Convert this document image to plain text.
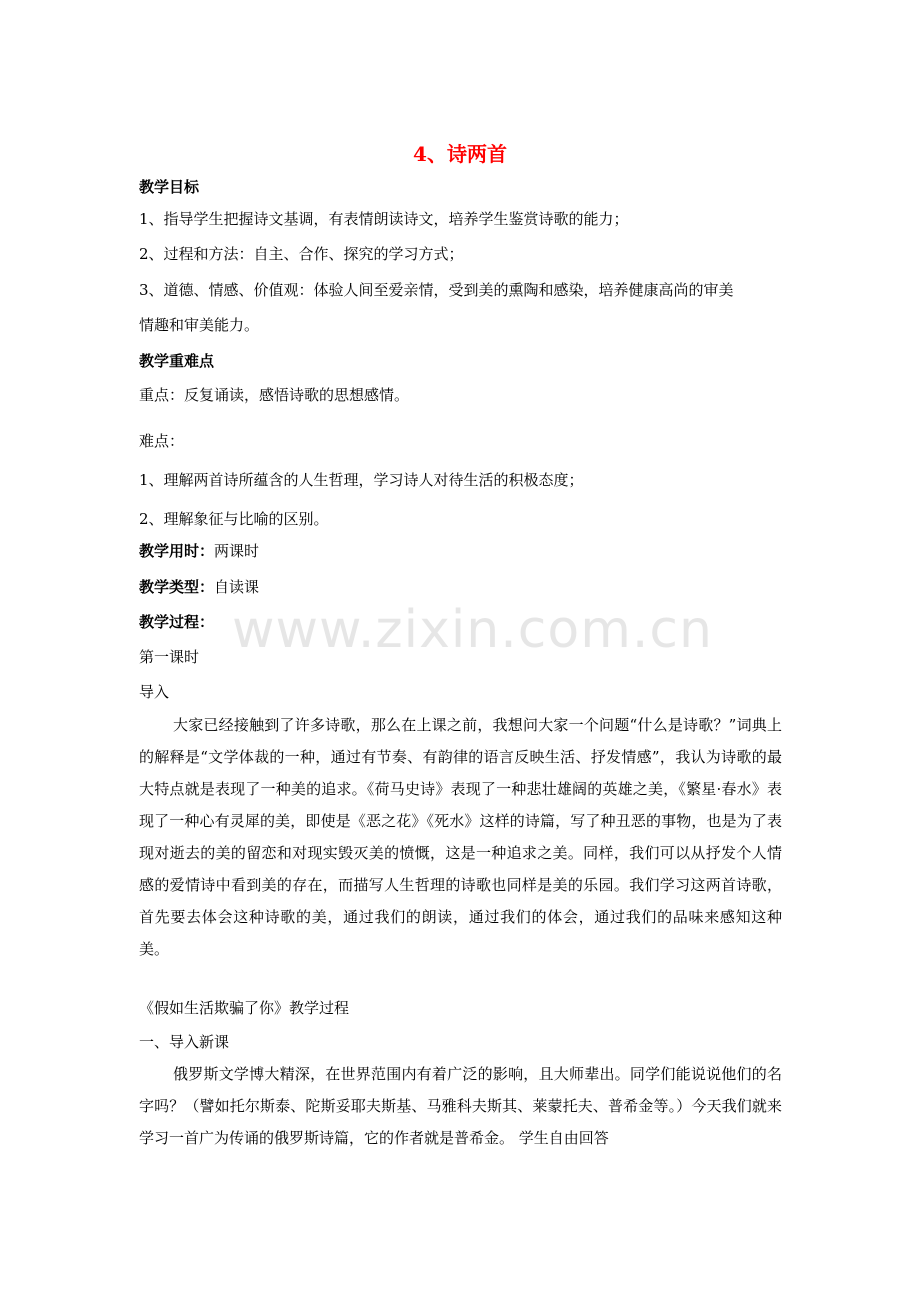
www.zixin.com.cn
4、诗两首
教学目标
1、指导学生把握诗文基调，有表情朗读诗文，培养学生鉴赏诗歌的能力；
2、过程和方法：自主、合作、探究的学习方式；
3、道德、情感、价值观：体验人间至爱亲情，受到美的熏陶和感染，培养健康高尚的审美
情趣和审美能力。
教学重难点
重点：反复诵读，感悟诗歌的思想感情。
难点：
1、理解两首诗所蕴含的人生哲理，学习诗人对待生活的积极态度；
2、理解象征与比喻的区别。
教学用时：两课时
教学类型：自读课
教学过程：
第一课时
导入
大家已经接触到了许多诗歌，那么在上课之前，我想问大家一个问题“什么是诗歌？”词典上的解释是“文学体裁的一种，通过有节奏、有韵律的语言反映生活、抒发情感”，我认为诗歌的最大特点就是表现了一种美的追求。《荷马史诗》表现了一种悲壮雄阔的英雄之美，《繁星·春水》表现了一种心有灵犀的美，即使是《恶之花》《死水》这样的诗篇，写了种丑恶的事物，也是为了表现对逝去的美的留恋和对现实毁灭美的愤慨，这是一种追求之美。同样，我们可以从抒发个人情感的爱情诗中看到美的存在，而描写人生哲理的诗歌也同样是美的乐园。我们学习这两首诗歌，首先要去体会这种诗歌的美，通过我们的朗读，通过我们的体会，通过我们的品味来感知这种美。
《假如生活欺骗了你》教学过程
一、导入新课
俄罗斯文学博大精深，在世界范围内有着广泛的影响，且大师辈出。同学们能说说他们的名字吗？（譬如托尔斯泰、陀斯妥耶夫斯基、马雅科夫斯其、莱蒙托夫、普希金等。）今天我们就来学习一首广为传诵的俄罗斯诗篇，它的作者就是普希金。 学生自由回答
